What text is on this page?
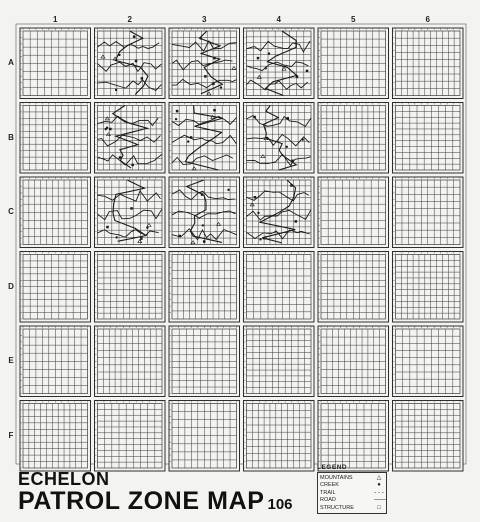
1	2	3	4	5	6
A
B
C
D
E
F
ECHELON
PATROL ZONE MAP 106
LEGEND
MOUNTAINS	△
CREEK	●
TRAIL	- - -
ROAD	——
STRUCTURE	□
